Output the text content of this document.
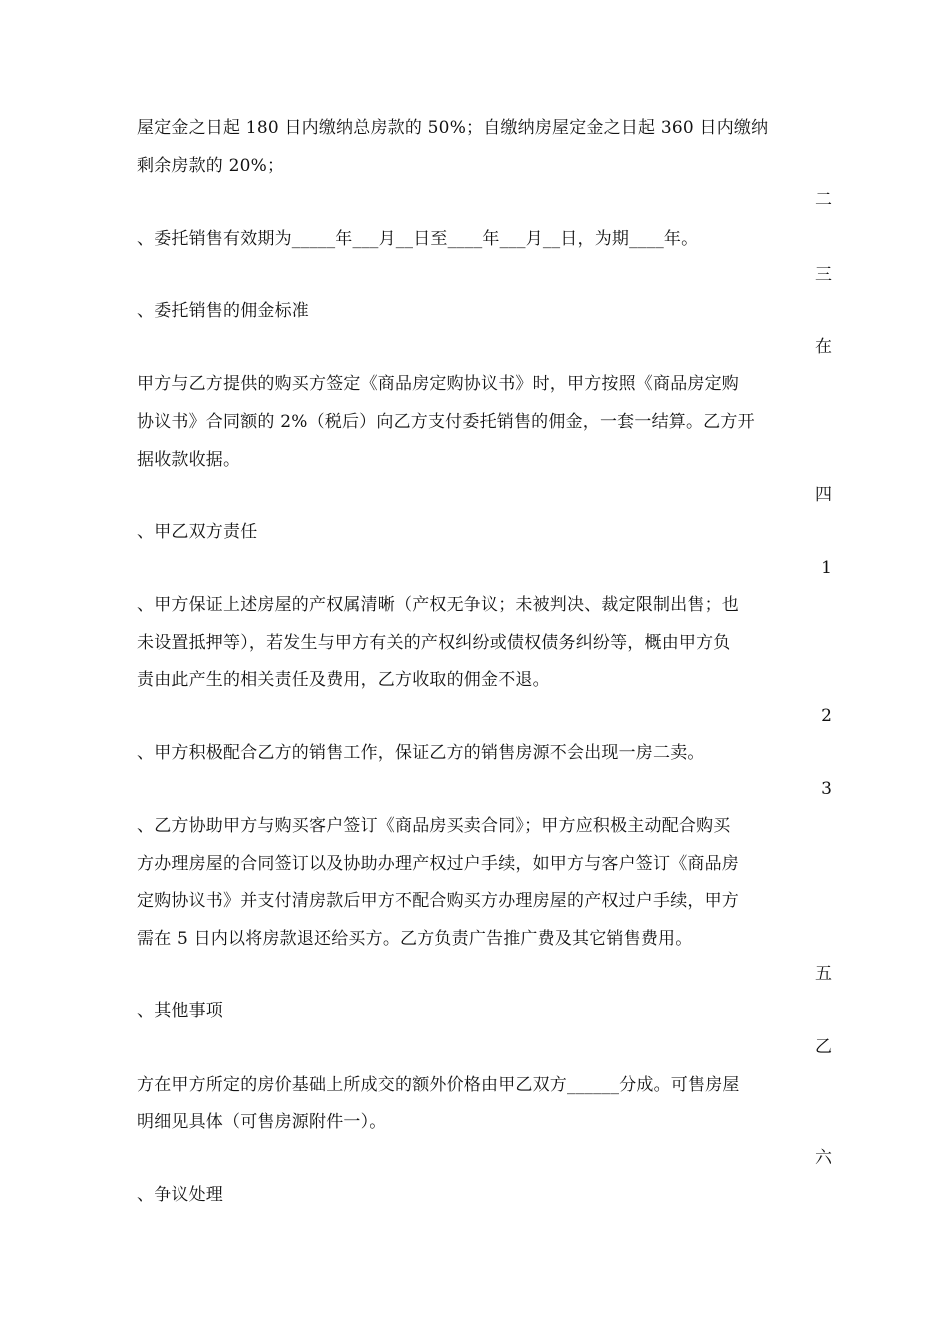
屋定金之日起 180 日内缴纳总房款的 50%；自缴纳房屋定金之日起 360 日内缴纳
剩余房款的 20%；
二
、委托销售有效期为_____年___月__日至____年___月__日，为期____年。
三
、委托销售的佣金标准
在
甲方与乙方提供的购买方签定《商品房定购协议书》时，甲方按照《商品房定购
协议书》合同额的 2%（税后）向乙方支付委托销售的佣金，一套一结算。乙方开
据收款收据。
四
、甲乙双方责任
1
、甲方保证上述房屋的产权属清晰（产权无争议；未被判决、裁定限制出售；也
未设置抵押等），若发生与甲方有关的产权纠纷或债权债务纠纷等，概由甲方负
责由此产生的相关责任及费用，乙方收取的佣金不退。
2
、甲方积极配合乙方的销售工作，保证乙方的销售房源不会出现一房二卖。
3
、乙方协助甲方与购买客户签订《商品房买卖合同》；甲方应积极主动配合购买
方办理房屋的合同签订以及协助办理产权过户手续，如甲方与客户签订《商品房
定购协议书》并支付清房款后甲方不配合购买方办理房屋的产权过户手续，甲方
需在 5 日内以将房款退还给买方。乙方负责广告推广费及其它销售费用。
五
、其他事项
乙
方在甲方所定的房价基础上所成交的额外价格由甲乙双方______分成。可售房屋
明细见具体（可售房源附件一）。
六
、争议处理
